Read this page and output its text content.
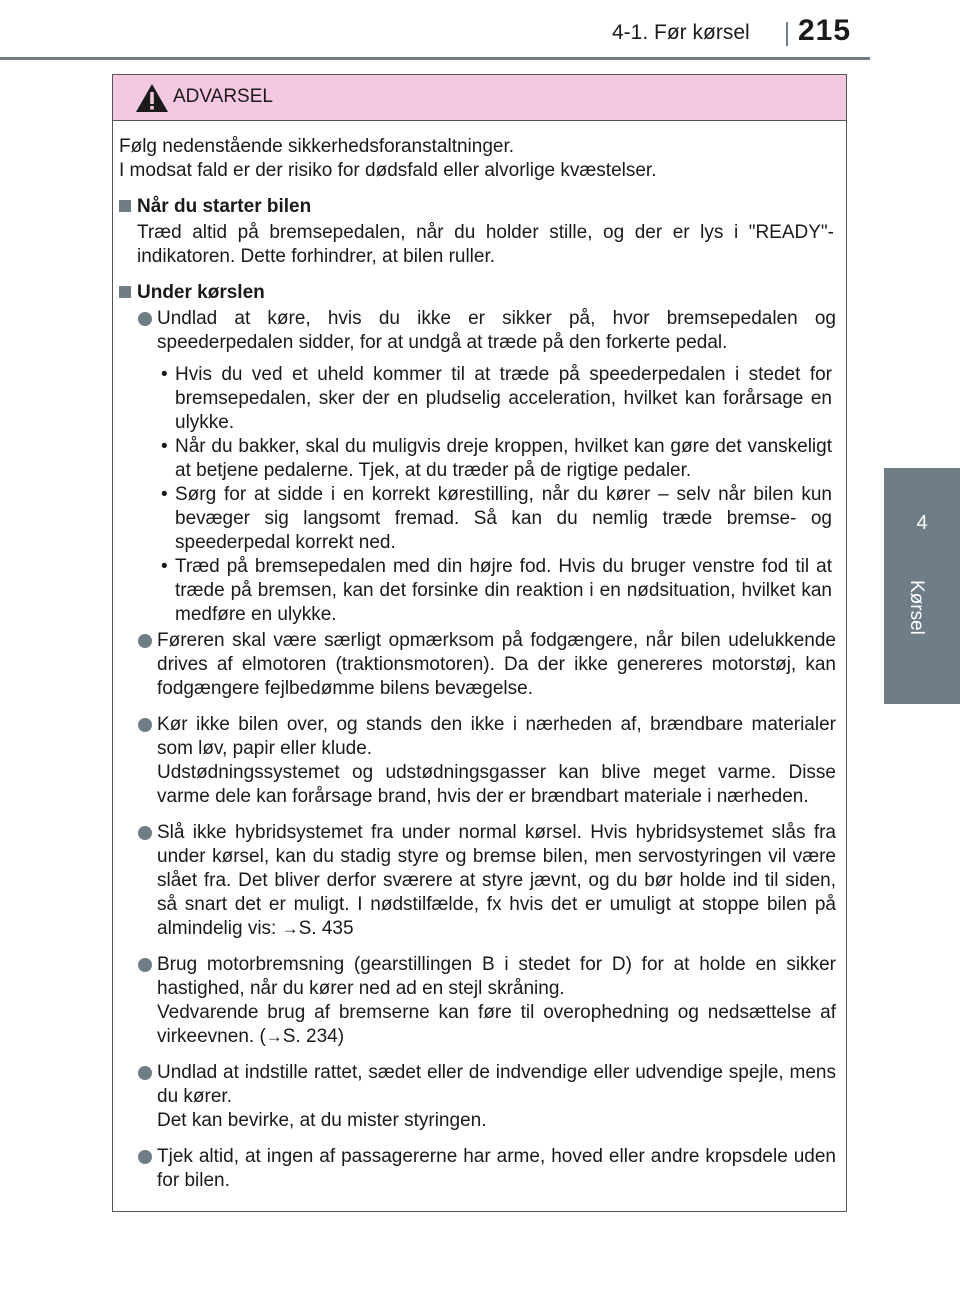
4-1. Før kørsel 215
4
Kørsel
ADVARSEL
Følg nedenstående sikkerhedsforanstaltninger.
I modsat fald er der risiko for dødsfald eller alvorlige kvæstelser.
Når du starter bilen
Træd altid på bremsepedalen, når du holder stille, og der er lys i "READY"-indikatoren. Dette forhindrer, at bilen ruller.
Under kørslen
Undlad at køre, hvis du ikke er sikker på, hvor bremsepedalen og speederpedalen sidder, for at undgå at træde på den forkerte pedal.
• Hvis du ved et uheld kommer til at træde på speederpedalen i stedet for bremsepedalen, sker der en pludselig acceleration, hvilket kan forårsage en ulykke.
• Når du bakker, skal du muligvis dreje kroppen, hvilket kan gøre det vanskeligt at betjene pedalerne. Tjek, at du træder på de rigtige pedaler.
• Sørg for at sidde i en korrekt kørestilling, når du kører – selv når bilen kun bevæger sig langsomt fremad. Så kan du nemlig træde bremse- og speederpedal korrekt ned.
• Træd på bremsepedalen med din højre fod. Hvis du bruger venstre fod til at træde på bremsen, kan det forsinke din reaktion i en nødsituation, hvilket kan medføre en ulykke.
Føreren skal være særligt opmærksom på fodgængere, når bilen udelukkende drives af elmotoren (traktionsmotoren). Da der ikke genereres motorstøj, kan fodgængere fejlbedømme bilens bevægelse.
Kør ikke bilen over, og stands den ikke i nærheden af, brændbare materialer som løv, papir eller klude.
Udstødningssystemet og udstødningsgasser kan blive meget varme. Disse varme dele kan forårsage brand, hvis der er brændbart materiale i nærheden.
Slå ikke hybridsystemet fra under normal kørsel. Hvis hybridsystemet slås fra under kørsel, kan du stadig styre og bremse bilen, men servostyringen vil være slået fra. Det bliver derfor sværere at styre jævnt, og du bør holde ind til siden, så snart det er muligt. I nødstilfælde, fx hvis det er umuligt at stoppe bilen på almindelig vis: →S. 435
Brug motorbremsning (gearstillingen B i stedet for D) for at holde en sikker hastighed, når du kører ned ad en stejl skråning.
Vedvarende brug af bremserne kan føre til overophedning og nedsættelse af virkeevnen. (→S. 234)
Undlad at indstille rattet, sædet eller de indvendige eller udvendige spejle, mens du kører.
Det kan bevirke, at du mister styringen.
Tjek altid, at ingen af passagererne har arme, hoved eller andre kropsdele uden for bilen.
